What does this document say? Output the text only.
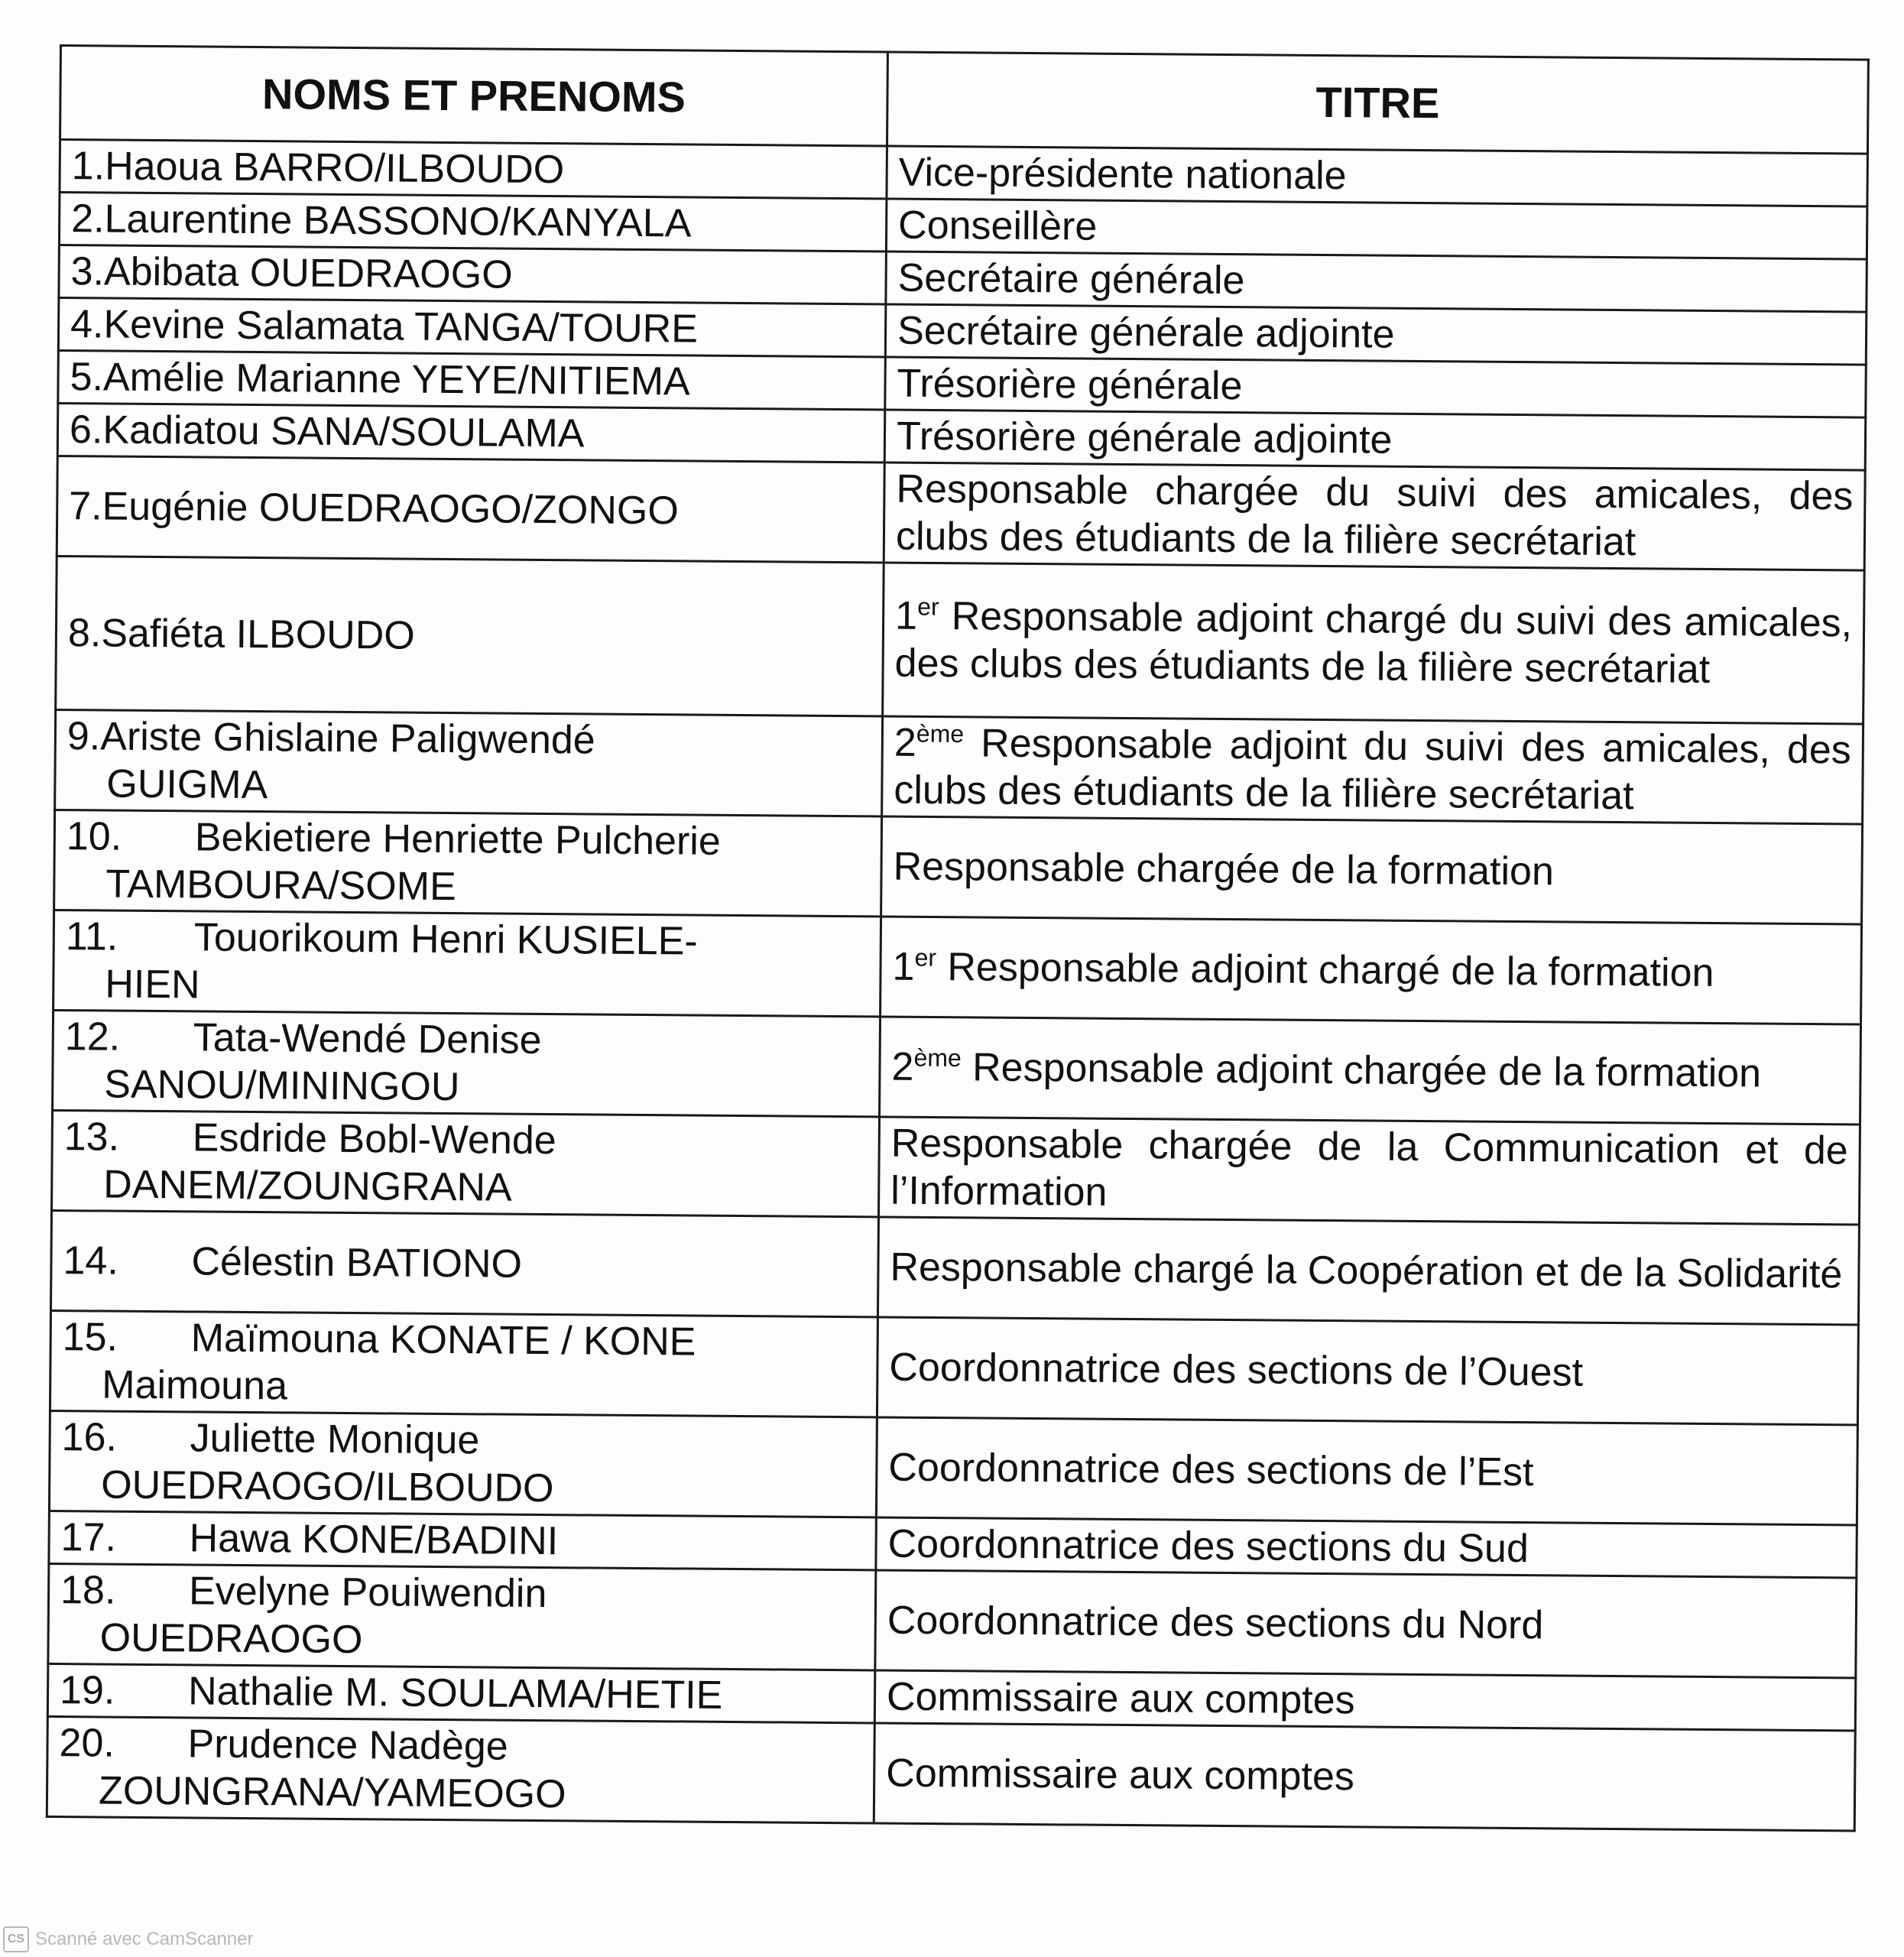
NOMS ET PRENOMS	TITRE
1.Haoua BARRO/ILBOUDO	Vice-présidente nationale
2.Laurentine BASSONO/KANYALA	Conseillère
3.Abibata OUEDRAOGO	Secrétaire générale
4.Kevine Salamata TANGA/TOURE	Secrétaire générale adjointe
5.Amélie Marianne YEYE/NITIEMA	Trésorière générale
6.Kadiatou SANA/SOULAMA	Trésorière générale adjointe
7.Eugénie OUEDRAOGO/ZONGO	Responsable chargée du suivi des amicales, des clubs des étudiants de la filière secrétariat
8.Safiéta ILBOUDO	1er Responsable adjoint chargé du suivi des amicales, des clubs des étudiants de la filière secrétariat
9.Ariste Ghislaine Paligwendé
GUIGMA	2ème Responsable adjoint du suivi des amicales, des clubs des étudiants de la filière secrétariat
10. Bekietiere Henriette Pulcherie
TAMBOURA/SOME	Responsable chargée de la formation
11. Touorikoum Henri KUSIELE-
HIEN	1er Responsable adjoint chargé de la formation
12. Tata-Wendé Denise
SANOU/MININGOU	2ème Responsable adjoint chargée de la formation
13. Esdride Bobl-Wende
DANEM/ZOUNGRANA	Responsable chargée de la Communication et de l’Information
14. Célestin BATIONO	Responsable chargé la Coopération et de la Solidarité
15. Maïmouna KONATE / KONE
Maimouna	Coordonnatrice des sections de l’Ouest
16. Juliette Monique
OUEDRAOGO/ILBOUDO	Coordonnatrice des sections de l’Est
17. Hawa KONE/BADINI	Coordonnatrice des sections du Sud
18. Evelyne Pouiwendin
OUEDRAOGO	Coordonnatrice des sections du Nord
19. Nathalie M. SOULAMA/HETIE	Commissaire aux comptes
20. Prudence Nadège
ZOUNGRANA/YAMEOGO	Commissaire aux comptes
CS Scanné avec CamScanner
